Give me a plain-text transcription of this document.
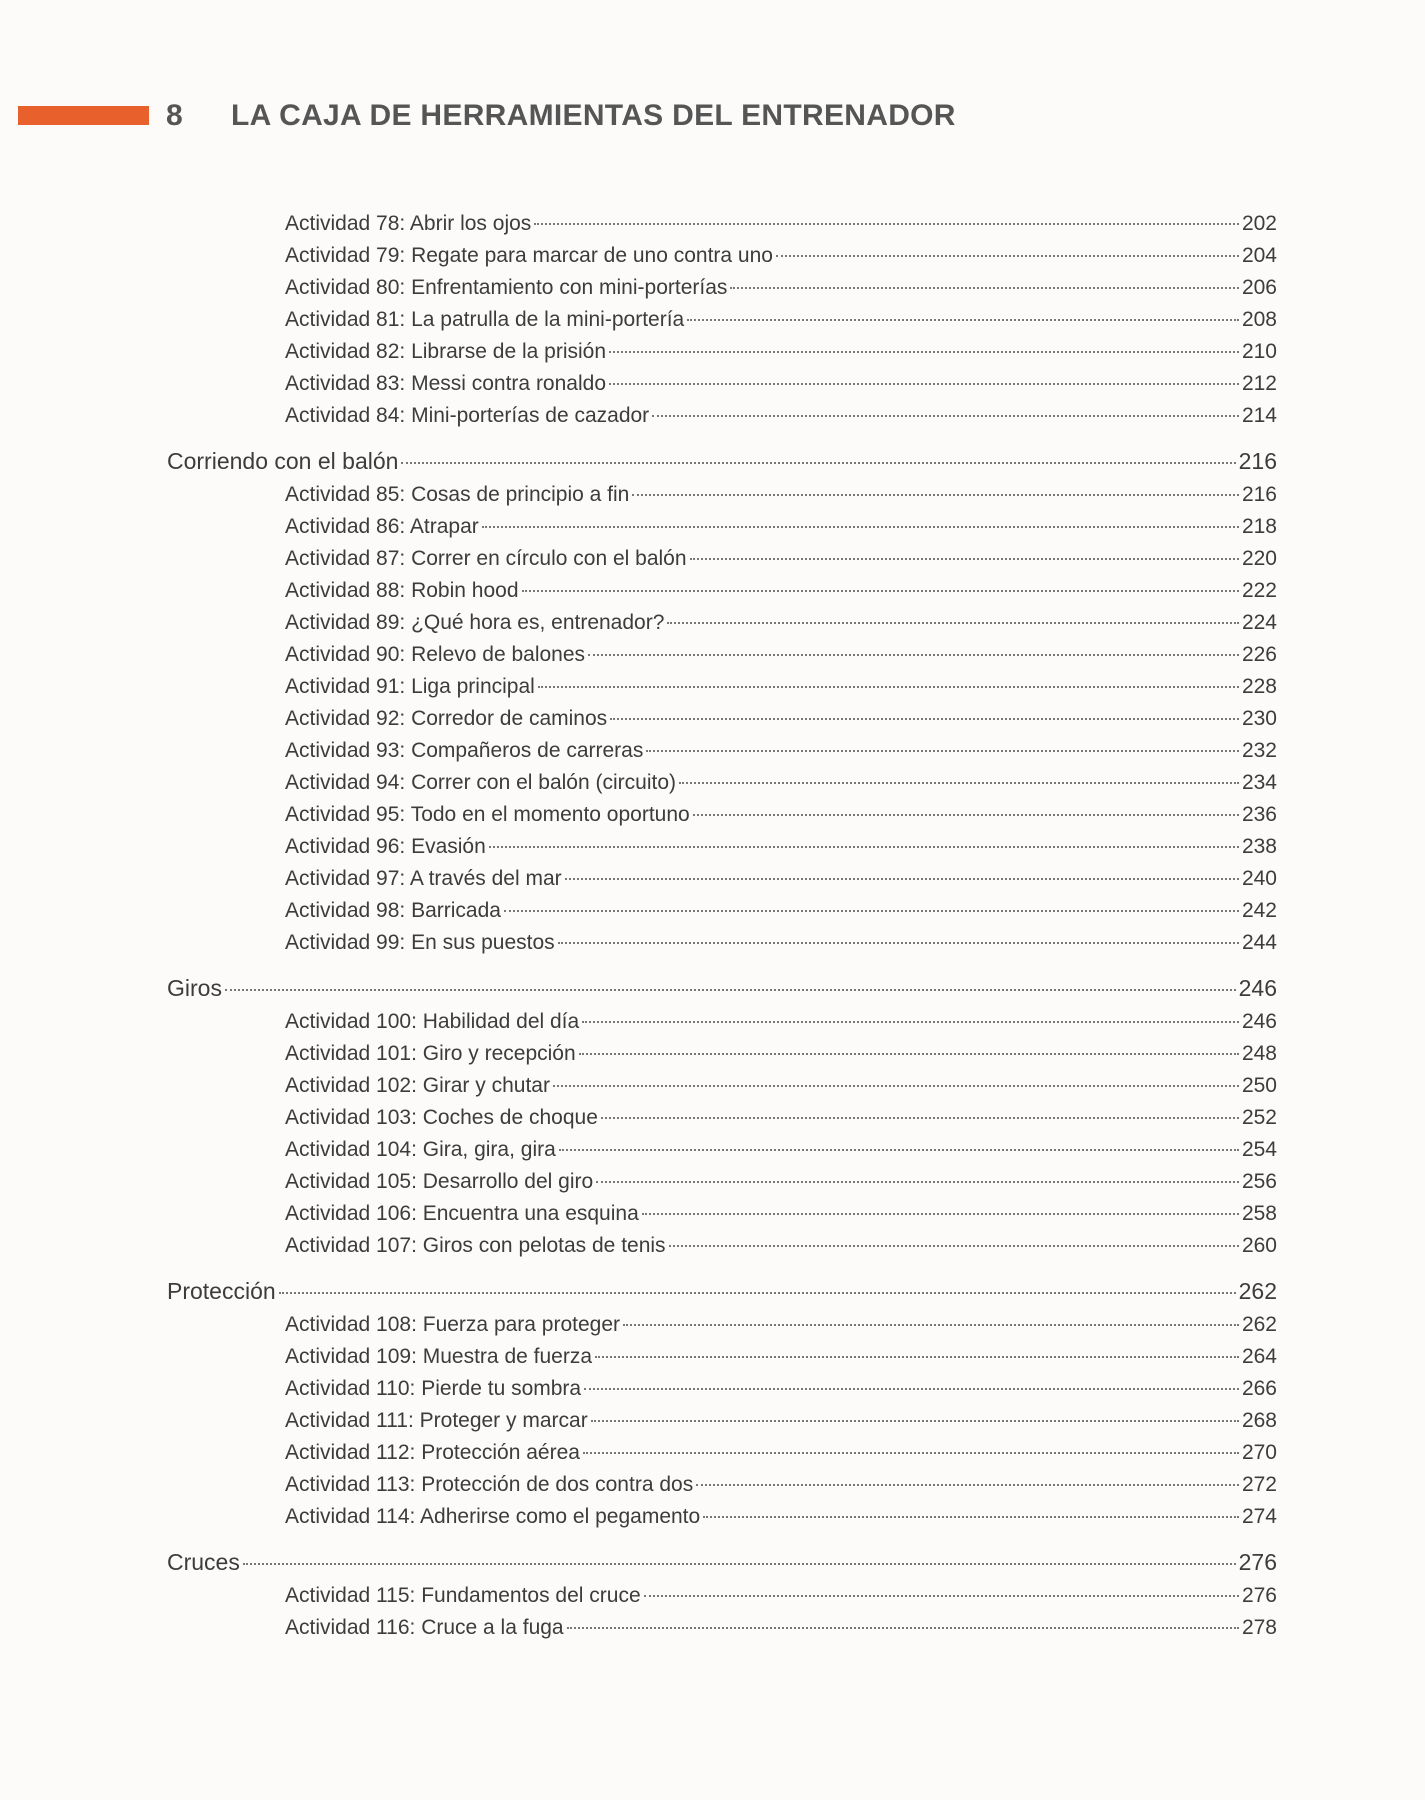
8 LA CAJA DE HERRAMIENTAS DEL ENTRENADOR
Actividad 78: Abrir los ojos	202
Actividad 79: Regate para marcar de uno contra uno	204
Actividad 80: Enfrentamiento con mini-porterías	206
Actividad 81: La patrulla de la mini-portería	208
Actividad 82: Librarse de la prisión	210
Actividad 83: Messi contra ronaldo	212
Actividad 84: Mini-porterías de cazador	214
Corriendo con el balón	216
Actividad 85: Cosas de principio a fin	216
Actividad 86: Atrapar	218
Actividad 87: Correr en círculo con el balón	220
Actividad 88: Robin hood	222
Actividad 89: ¿Qué hora es, entrenador?	224
Actividad 90: Relevo de balones	226
Actividad 91: Liga principal	228
Actividad 92: Corredor de caminos	230
Actividad 93: Compañeros de carreras	232
Actividad 94: Correr con el balón (circuito)	234
Actividad 95: Todo en el momento oportuno	236
Actividad 96: Evasión	238
Actividad 97: A través del mar	240
Actividad 98: Barricada	242
Actividad 99: En sus puestos	244
Giros	246
Actividad 100: Habilidad del día	246
Actividad 101: Giro y recepción	248
Actividad 102: Girar y chutar	250
Actividad 103: Coches de choque	252
Actividad 104: Gira, gira, gira	254
Actividad 105: Desarrollo del giro	256
Actividad 106: Encuentra una esquina	258
Actividad 107: Giros con pelotas de tenis	260
Protección	262
Actividad 108: Fuerza para proteger	262
Actividad 109: Muestra de fuerza	264
Actividad 110: Pierde tu sombra	266
Actividad 111: Proteger y marcar	268
Actividad 112: Protección aérea	270
Actividad 113: Protección de dos contra dos	272
Actividad 114: Adherirse como el pegamento	274
Cruces	276
Actividad 115: Fundamentos del cruce	276
Actividad 116: Cruce a la fuga	278
